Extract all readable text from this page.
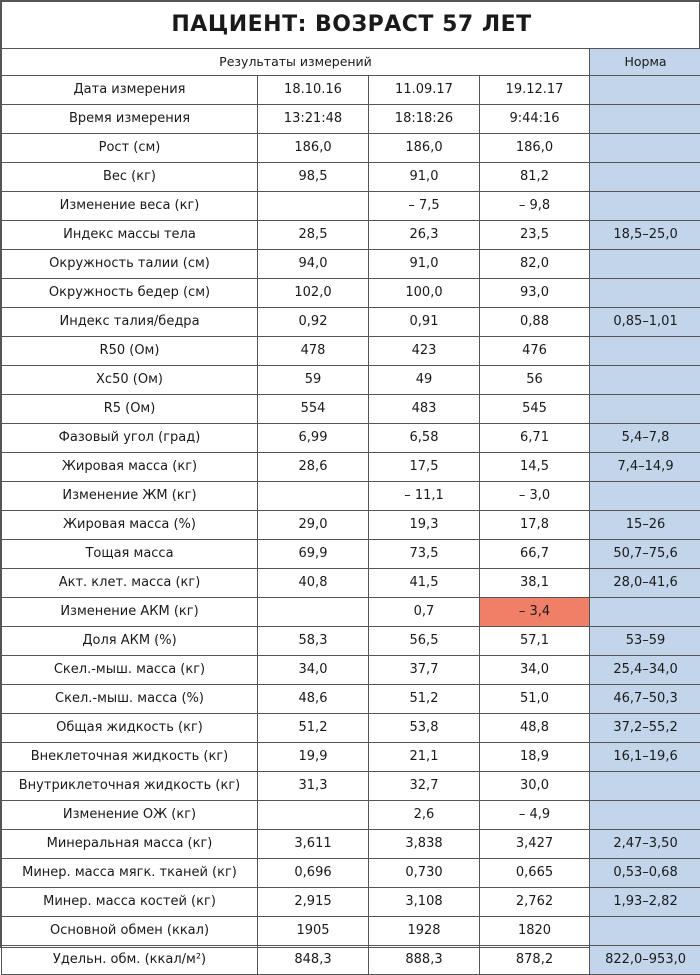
ПАЦИЕНТ: ВОЗРАСТ 57 ЛЕТ				
Результаты измерений				Норма
Дата измерения	18.10.16	11.09.17	19.12.17	
Время измерения	13:21:48	18:18:26	9:44:16	
Рост (см)	186,0	186,0	186,0	
Вес (кг)	98,5	91,0	81,2	
Изменение веса (кг)		– 7,5	– 9,8	
Индекс массы тела	28,5	26,3	23,5	18,5–25,0
Окружность талии (см)	94,0	91,0	82,0	
Окружность бедер (см)	102,0	100,0	93,0	
Индекс талия/бедра	0,92	0,91	0,88	0,85–1,01
R50 (Ом)	478	423	476	
Xc50 (Ом)	59	49	56	
R5 (Ом)	554	483	545	
Фазовый угол (град)	6,99	6,58	6,71	5,4–7,8
Жировая масса (кг)	28,6	17,5	14,5	7,4–14,9
Изменение ЖМ (кг)		– 11,1	– 3,0	
Жировая масса (%)	29,0	19,3	17,8	15–26
Тощая масса	69,9	73,5	66,7	50,7–75,6
Акт. клет. масса (кг)	40,8	41,5	38,1	28,0–41,6
Изменение АКМ (кг)		0,7	– 3,4	
Доля АКМ (%)	58,3	56,5	57,1	53–59
Скел.-мыш. масса (кг)	34,0	37,7	34,0	25,4–34,0
Скел.-мыш. масса (%)	48,6	51,2	51,0	46,7–50,3
Общая жидкость (кг)	51,2	53,8	48,8	37,2–55,2
Внеклеточная жидкость (кг)	19,9	21,1	18,9	16,1–19,6
Внутриклеточная жидкость (кг)	31,3	32,7	30,0	
Изменение ОЖ (кг)		2,6	– 4,9	
Минеральная масса (кг)	3,611	3,838	3,427	2,47–3,50
Минер. масса мягк. тканей (кг)	0,696	0,730	0,665	0,53–0,68
Минер. масса костей (кг)	2,915	3,108	2,762	1,93–2,82
Основной обмен (ккал)	1905	1928	1820	
Удельн. обм. (ккал/м²)	848,3	888,3	878,2	822,0–953,0
